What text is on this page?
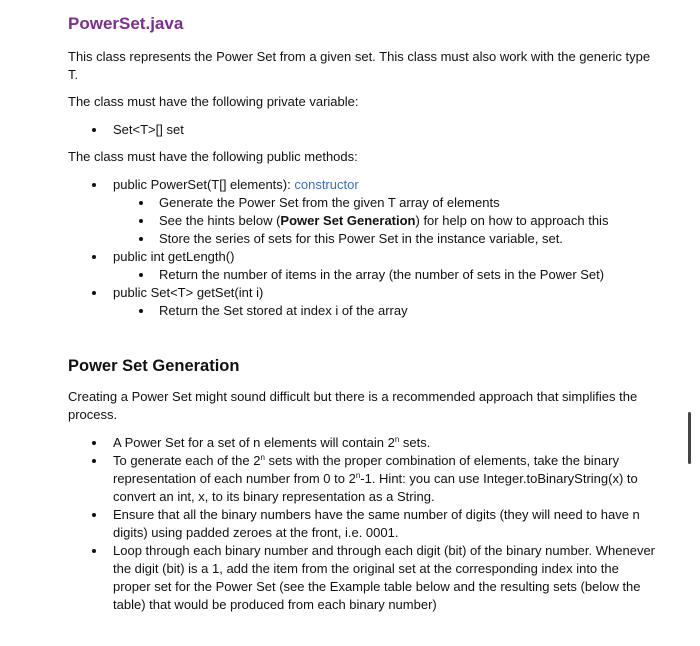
PowerSet.java

This class represents the Power Set from a given set. This class must also work with the generic type T.

The class must have the following private variable:

Set<T>[] set

The class must have the following public methods:

public PowerSet(T[] elements): constructor
Generate the Power Set from the given T array of elements
See the hints below (Power Set Generation) for help on how to approach this
Store the series of sets for this Power Set in the instance variable, set.
public int getLength()
Return the number of items in the array (the number of sets in the Power Set)
public Set<T> getSet(int i)
Return the Set stored at index i of the array
Power Set Generation

Creating a Power Set might sound difficult but there is a recommended approach that simplifies the process.

A Power Set for a set of n elements will contain 2$^n$ sets.
To generate each of the 2$^n$ sets with the proper combination of elements, take the binary representation of each number from 0 to 2$^n$-1. Hint: you can use Integer.toBinaryString(x) to convert an int, x, to its binary representation as a String.
Ensure that all the binary numbers have the same number of digits (they will need to have n digits) using padded zeroes at the front, i.e. 0001.
Loop through each binary number and through each digit (bit) of the binary number. Whenever the digit (bit) is a 1, add the item from the original set at the corresponding index into the proper set for the Power Set (see the Example table below and the resulting sets (below the table) that would be produced from each binary number)
